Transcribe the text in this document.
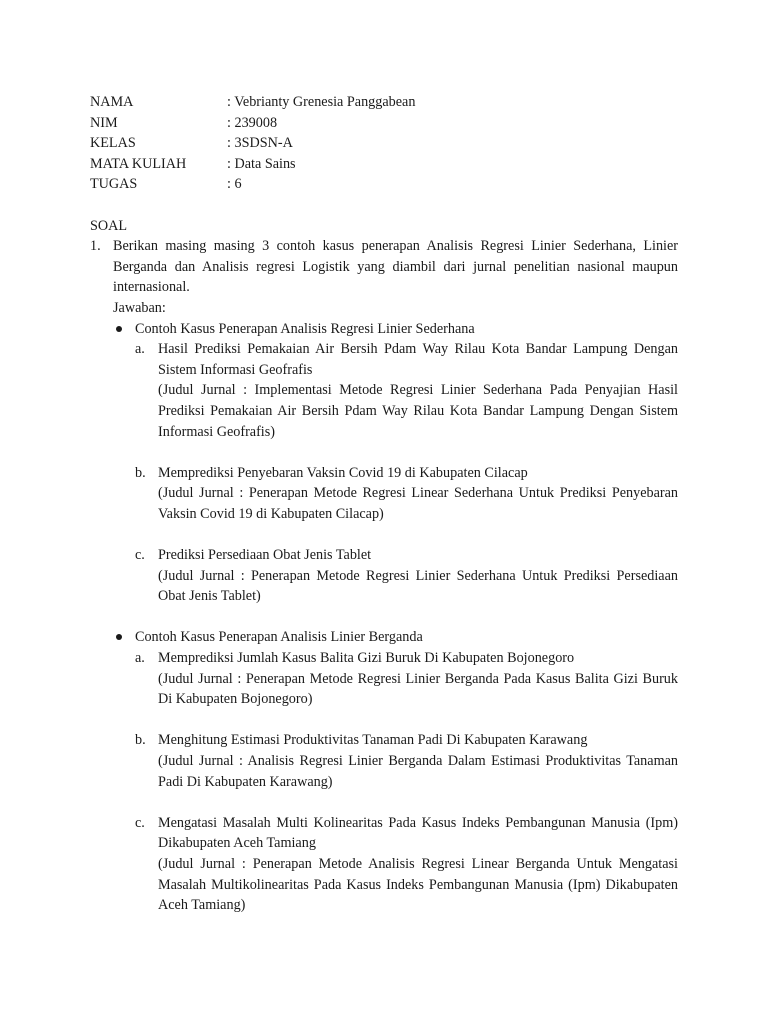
NAMA	: Vebrianty Grenesia Panggabean
NIM	: 239008
KELAS	: 3SDSN-A
MATA KULIAH	: Data Sains
TUGAS	: 6
SOAL
1. Berikan masing masing 3 contoh kasus penerapan Analisis Regresi Linier Sederhana, Linier Berganda dan Analisis regresi Logistik yang diambil dari jurnal penelitian nasional maupun internasional.
Jawaban:
Contoh Kasus Penerapan Analisis Regresi Linier Sederhana
a. Hasil Prediksi Pemakaian Air Bersih Pdam Way Rilau Kota Bandar Lampung Dengan Sistem Informasi Geofrafis
(Judul Jurnal : Implementasi Metode Regresi Linier Sederhana Pada Penyajian Hasil Prediksi Pemakaian Air Bersih Pdam Way Rilau Kota Bandar Lampung Dengan Sistem Informasi Geofrafis)
b. Memprediksi Penyebaran Vaksin Covid 19 di Kabupaten Cilacap
(Judul Jurnal : Penerapan Metode Regresi Linear Sederhana Untuk Prediksi Penyebaran Vaksin Covid 19 di Kabupaten Cilacap)
c. Prediksi Persediaan Obat Jenis Tablet
(Judul Jurnal : Penerapan Metode Regresi Linier Sederhana Untuk Prediksi Persediaan Obat Jenis Tablet)
Contoh Kasus Penerapan Analisis Linier Berganda
a. Memprediksi Jumlah Kasus Balita Gizi Buruk Di Kabupaten Bojonegoro
(Judul Jurnal : Penerapan Metode Regresi Linier Berganda Pada Kasus Balita Gizi Buruk Di Kabupaten Bojonegoro)
b. Menghitung Estimasi Produktivitas Tanaman Padi Di Kabupaten Karawang
(Judul Jurnal : Analisis Regresi Linier Berganda Dalam Estimasi Produktivitas Tanaman Padi Di Kabupaten Karawang)
c. Mengatasi Masalah Multi Kolinearitas Pada Kasus Indeks Pembangunan Manusia (Ipm) Dikabupaten Aceh Tamiang
(Judul Jurnal : Penerapan Metode Analisis Regresi Linear Berganda Untuk Mengatasi Masalah Multikolinearitas Pada Kasus Indeks Pembangunan Manusia (Ipm) Dikabupaten Aceh Tamiang)
